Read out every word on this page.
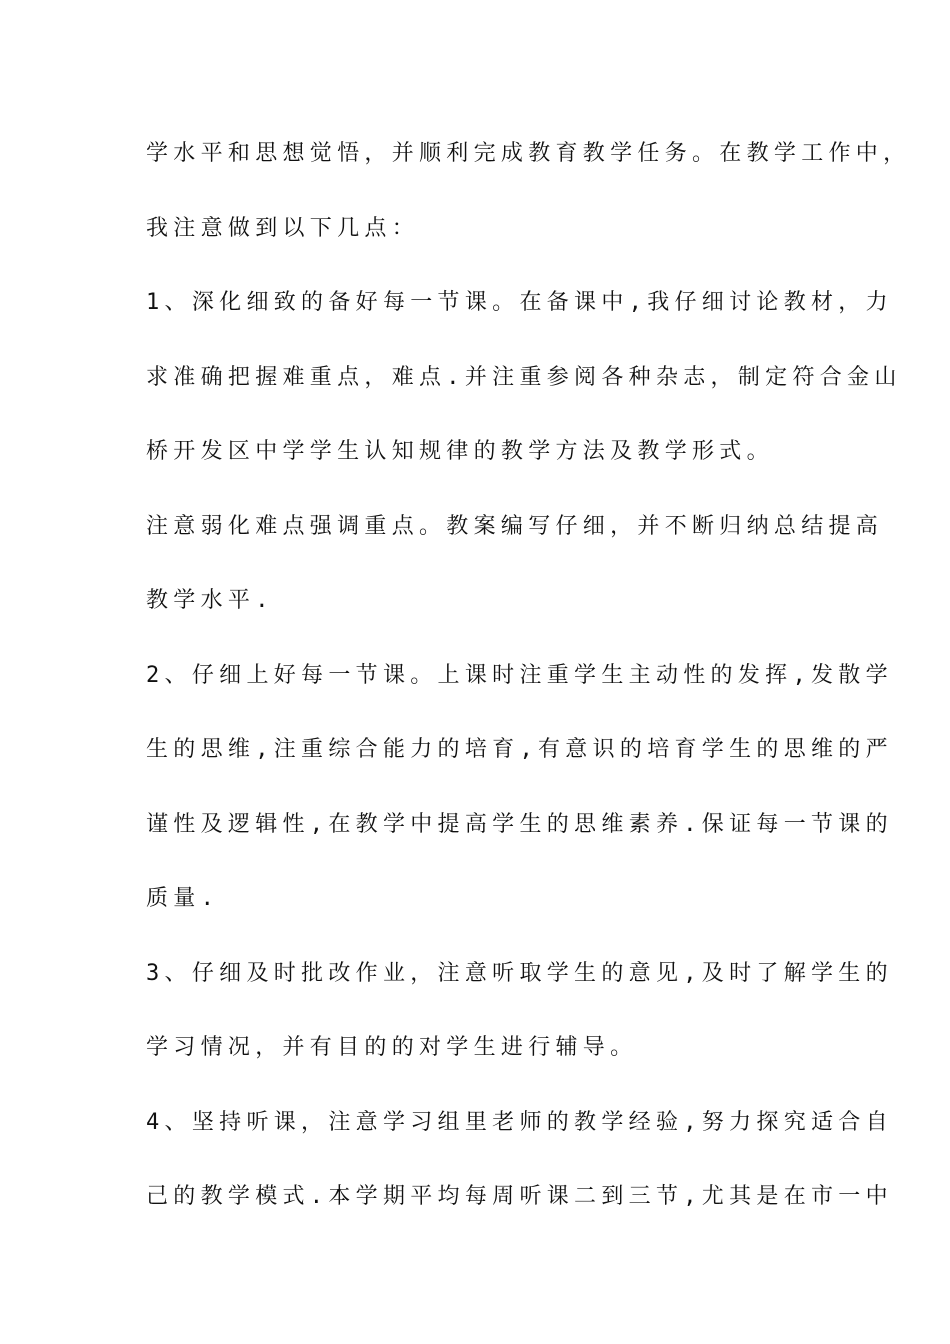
学水平和思想觉悟，并顺利完成教育教学任务。在教学工作中，
我注意做到以下几点：
1、深化细致的备好每一节课。在备课中,我仔细讨论教材，力
求准确把握难重点，难点.并注重参阅各种杂志，制定符合金山
桥开发区中学学生认知规律的教学方法及教学形式。
注意弱化难点强调重点。教案编写仔细，并不断归纳总结提高
教学水平.
2、仔细上好每一节课。上课时注重学生主动性的发挥,发散学
生的思维,注重综合能力的培育,有意识的培育学生的思维的严
谨性及逻辑性,在教学中提高学生的思维素养.保证每一节课的
质量.
3、仔细及时批改作业，注意听取学生的意见,及时了解学生的
学习情况，并有目的的对学生进行辅导。
4、坚持听课，注意学习组里老师的教学经验,努力探究适合自
己的教学模式.本学期平均每周听课二到三节,尤其是在市一中
